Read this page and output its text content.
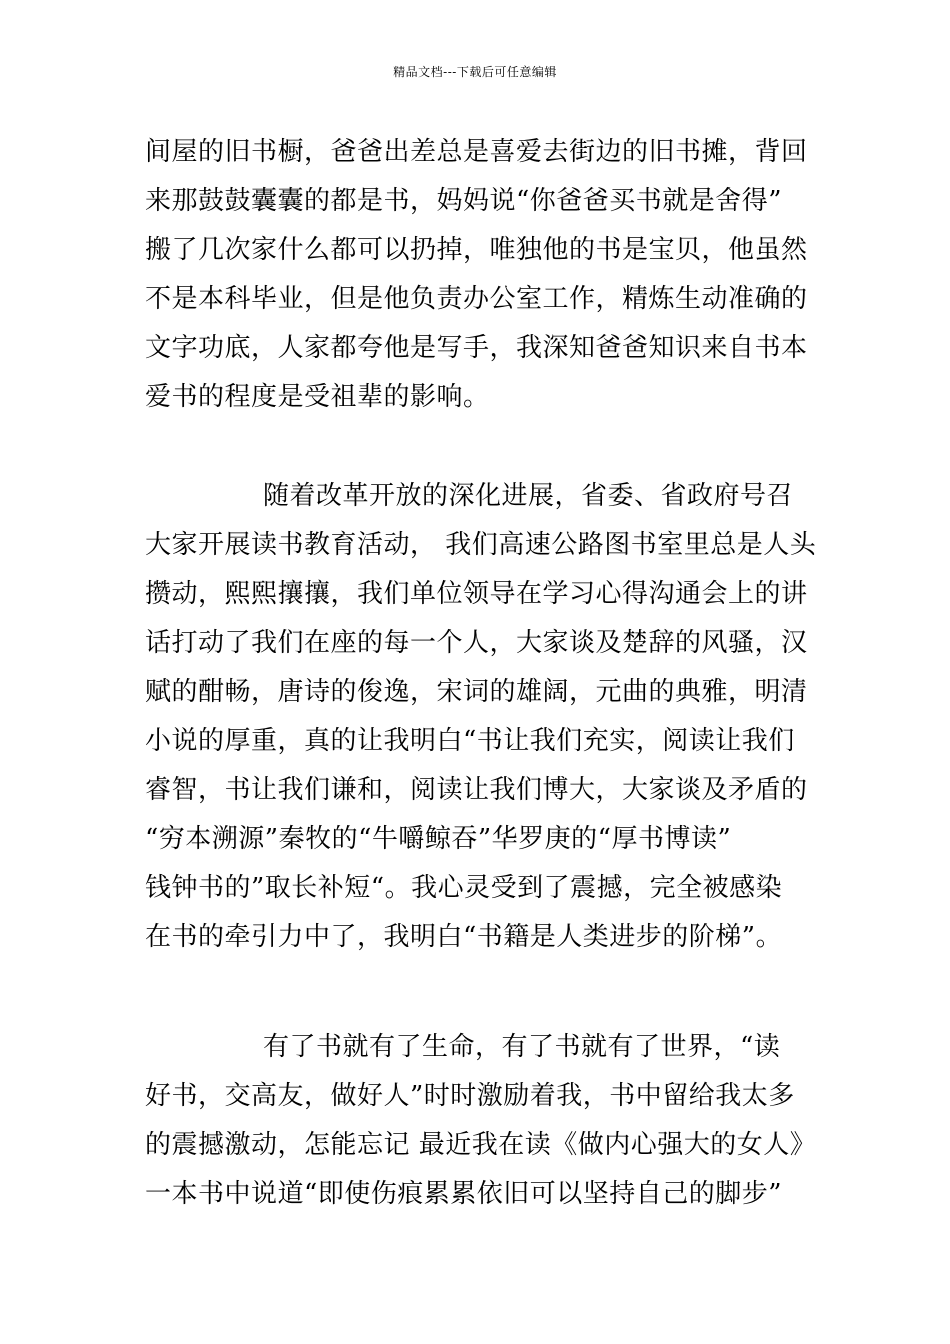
精品文档---下载后可任意编辑
间屋的旧书橱，爸爸出差总是喜爱去街边的旧书摊，背回
来那鼓鼓囊囊的都是书，妈妈说“你爸爸买书就是舍得”
搬了几次家什么都可以扔掉，唯独他的书是宝贝，他虽然
不是本科毕业，但是他负责办公室工作，精炼生动准确的
文字功底，人家都夸他是写手，我深知爸爸知识来自书本
爱书的程度是受祖辈的影响。
随着改革开放的深化进展，省委、省政府号召
大家开展读书教育活动， 我们高速公路图书室里总是人头
攒动，熙熙攘攘，我们单位领导在学习心得沟通会上的讲
话打动了我们在座的每一个人，大家谈及楚辞的风骚，汉
赋的酣畅，唐诗的俊逸，宋词的雄阔，元曲的典雅，明清
小说的厚重，真的让我明白“书让我们充实，阅读让我们
睿智，书让我们谦和，阅读让我们博大，大家谈及矛盾的
“穷本溯源”秦牧的“牛嚼鲸吞”华罗庚的“厚书博读”
钱钟书的”取长补短“。我心灵受到了震撼，完全被感染
在书的牵引力中了，我明白“书籍是人类进步的阶梯”。
有了书就有了生命，有了书就有了世界，“读
好书，交高友，做好人”时时激励着我，书中留给我太多
的震撼激动，怎能忘记 最近我在读《做内心强大的女人》
一本书中说道“即使伤痕累累依旧可以坚持自己的脚步”
